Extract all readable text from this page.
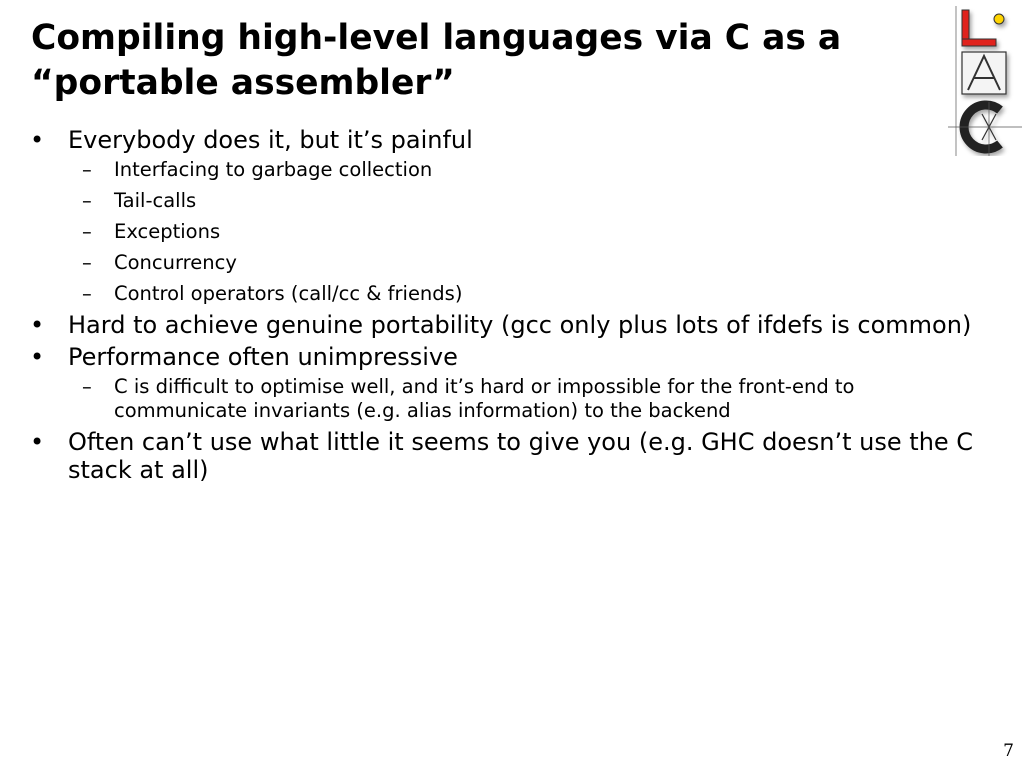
Compiling high-level languages via C as a “portable assembler”
• Everybody does it, but it’s painful
– Interfacing to garbage collection
– Tail-calls
– Exceptions
– Concurrency
– Control operators (call/cc & friends)
• Hard to achieve genuine portability (gcc only plus lots of ifdefs is common)
• Performance often unimpressive
– C is difficult to optimise well, and it’s hard or impossible for the front-end to communicate invariants (e.g. alias information) to the backend
• Often can’t use what little it seems to give you (e.g. GHC doesn’t use the C stack at all)
7
